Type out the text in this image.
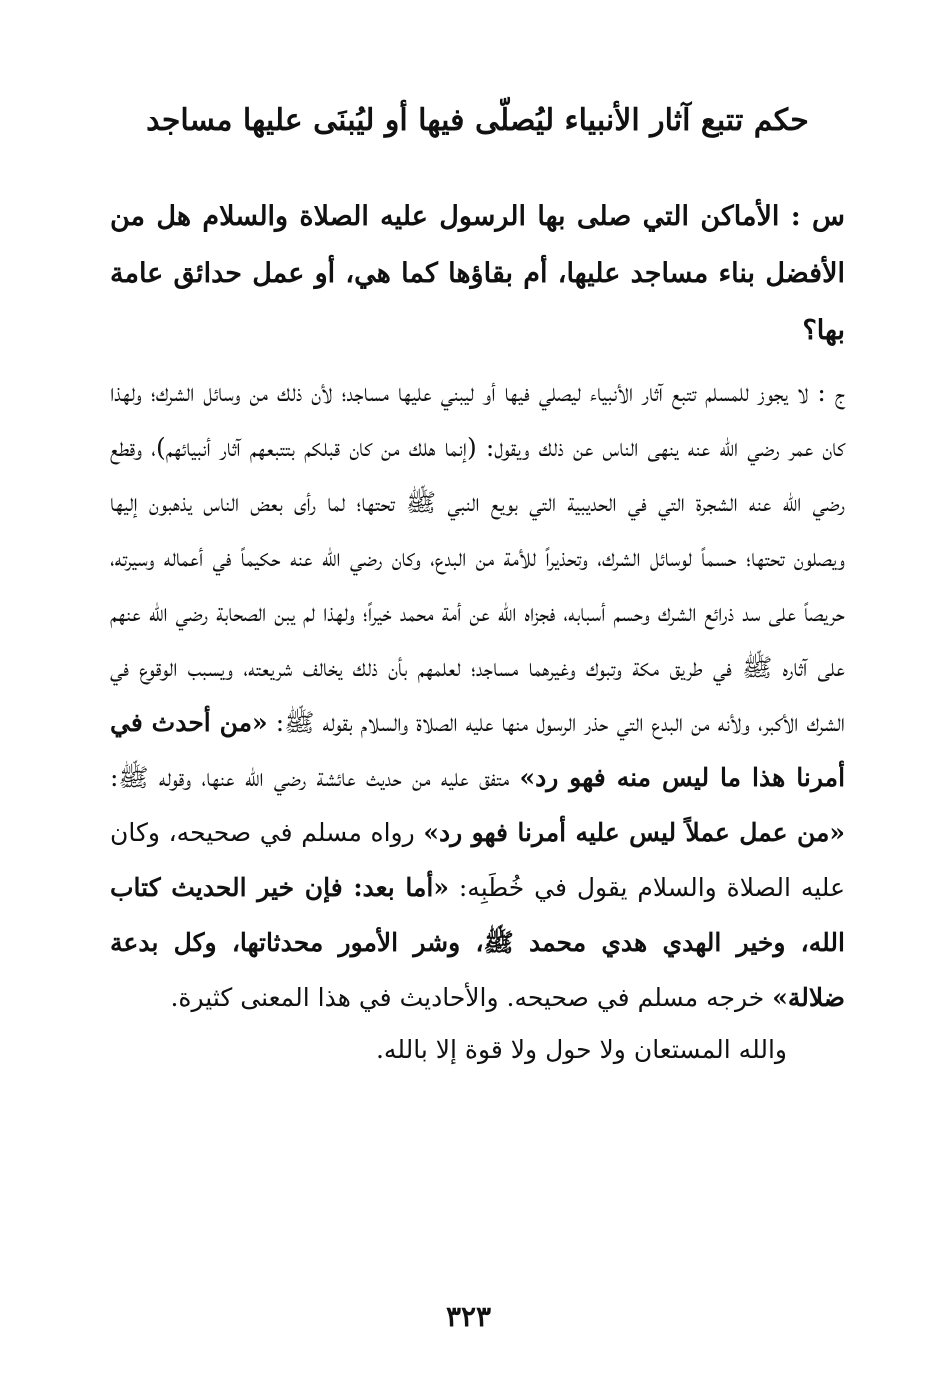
حكم تتبع آثار الأنبياء ليُصلّى فيها أو ليُبنَى عليها مساجد

س : الأماكن التي صلى بها الرسول عليه الصلاة والسلام هل من الأفضل بناء مساجد عليها، أم بقاؤها كما هي، أو عمل حدائق عامة بها؟

ج : لا يجوز للمسلم تتبع آثار الأنبياء ليصلي فيها أو ليبني عليها مساجد؛ لأن ذلك من وسائل الشرك؛ ولهذا كان عمر رضي الله عنه ينهى الناس عن ذلك ويقول: (إنما هلك من كان قبلكم بتتبعهم آثار أنبيائهم)، وقطع رضي الله عنه الشجرة التي في الحديبية التي بويع النبي ﷺ تحتها؛ لما رأى بعض الناس يذهبون إليها ويصلون تحتها؛ حسماً لوسائل الشرك، وتحذيراً للأمة من البدع، وكان رضي الله عنه حكيماً في أعماله وسيرته، حريصاً على سد ذرائع الشرك وحسم أسبابه، فجزاه الله عن أمة محمد خيراً؛ ولهذا لم يبن الصحابة رضي الله عنهم على آثاره ﷺ في طريق مكة وتبوك وغيرهما مساجد؛ لعلمهم بأن ذلك يخالف شريعته، ويسبب الوقوع في الشرك الأكبر، ولأنه من البدع التي حذر الرسول منها عليه الصلاة والسلام بقوله ﷺ: «من أحدث في أمرنا هذا ما ليس منه فهو رد» متفق عليه من حديث عائشة رضي الله عنها، وقوله ﷺ: «من عمل عملاً ليس عليه أمرنا فهو رد» رواه مسلم في صحيحه، وكان عليه الصلاة والسلام يقول في خُطَبِه: «أما بعد: فإن خير الحديث كتاب الله، وخير الهدي هدي محمد ﷺ، وشر الأمور محدثاتها، وكل بدعة ضلالة» خرجه مسلم في صحيحه. والأحاديث في هذا المعنى كثيرة.

والله المستعان ولا حول ولا قوة إلا بالله.

٣٢٣
